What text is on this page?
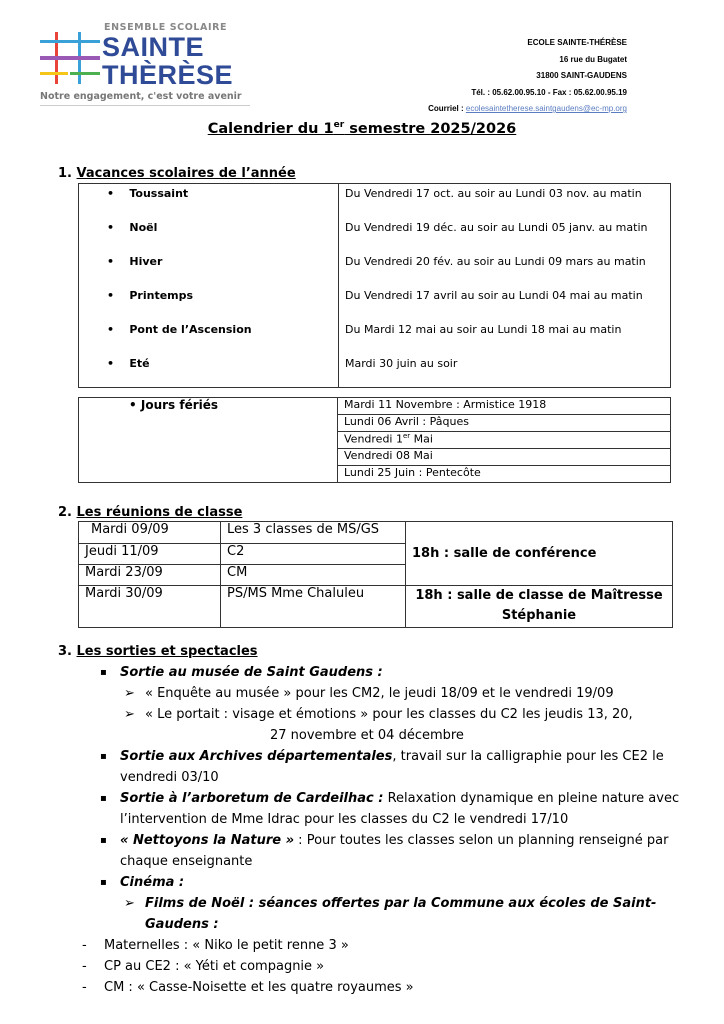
ENSEMBLE SCOLAIRE
SAINTE
THÈRÈSE
Notre engagement, c'est votre avenir
ECOLE SAINTE-THÉRÈSE
16 rue du Bugatet
31800 SAINT-GAUDENS
Tél. : 05.62.00.95.10 - Fax : 05.62.00.95.19
Courriel : ecolesaintetherese.saintgaudens@ec-mp.org
Calendrier du 1er semestre 2025/2026
1. Vacances scolaires de l’année
•    Toussaint	Du Vendredi 17 oct. au soir au Lundi 03 nov. au matin
•    Noël	Du Vendredi 19 déc. au soir au Lundi 05 janv. au matin
•    Hiver	Du Vendredi 20 fév. au soir au Lundi 09 mars au matin
•    Printemps	Du Vendredi 17 avril au soir au Lundi 04 mai au matin
•    Pont de l’Ascension	Du Mardi 12 mai au soir au Lundi 18 mai au matin
•    Eté	Mardi 30 juin au soir
• Jours fériés	Mardi 11 Novembre : Armistice 1918
Lundi 06 Avril : Pâques
Vendredi 1er Mai
Vendredi 08 Mai
Lundi 25 Juin : Pentecôte
2. Les réunions de classe
Mardi 09/09	Les 3 classes de MS/GS	18h : salle de conférence
Jeudi 11/09	C2	
Mardi 23/09	CM	
Mardi 30/09	PS/MS Mme Chaluleu	18h : salle de classe de Maîtresse Stéphanie
3. Les sorties et spectacles
▪ Sortie au musée de Saint Gaudens :
➢ « Enquête au musée » pour les CM2, le jeudi 18/09 et le vendredi 19/09
➢ « Le portait : visage et émotions » pour les classes du C2 les jeudis 13, 20,
27 novembre et 04 décembre
▪ Sortie aux Archives départementales, travail sur la calligraphie pour les CE2 le vendredi 03/10
▪ Sortie à l’arboretum de Cardeilhac : Relaxation dynamique en pleine nature avec l’intervention de Mme Idrac pour les classes du C2 le vendredi 17/10
▪ « Nettoyons la Nature » : Pour toutes les classes selon un planning renseigné par chaque enseignante
▪ Cinéma :
➢ Films de Noël : séances offertes par la Commune aux écoles de Saint-Gaudens :
- Maternelles : « Niko le petit renne 3 »
- CP au CE2 : « Yéti et compagnie »
- CM : « Casse-Noisette et les quatre royaumes »
